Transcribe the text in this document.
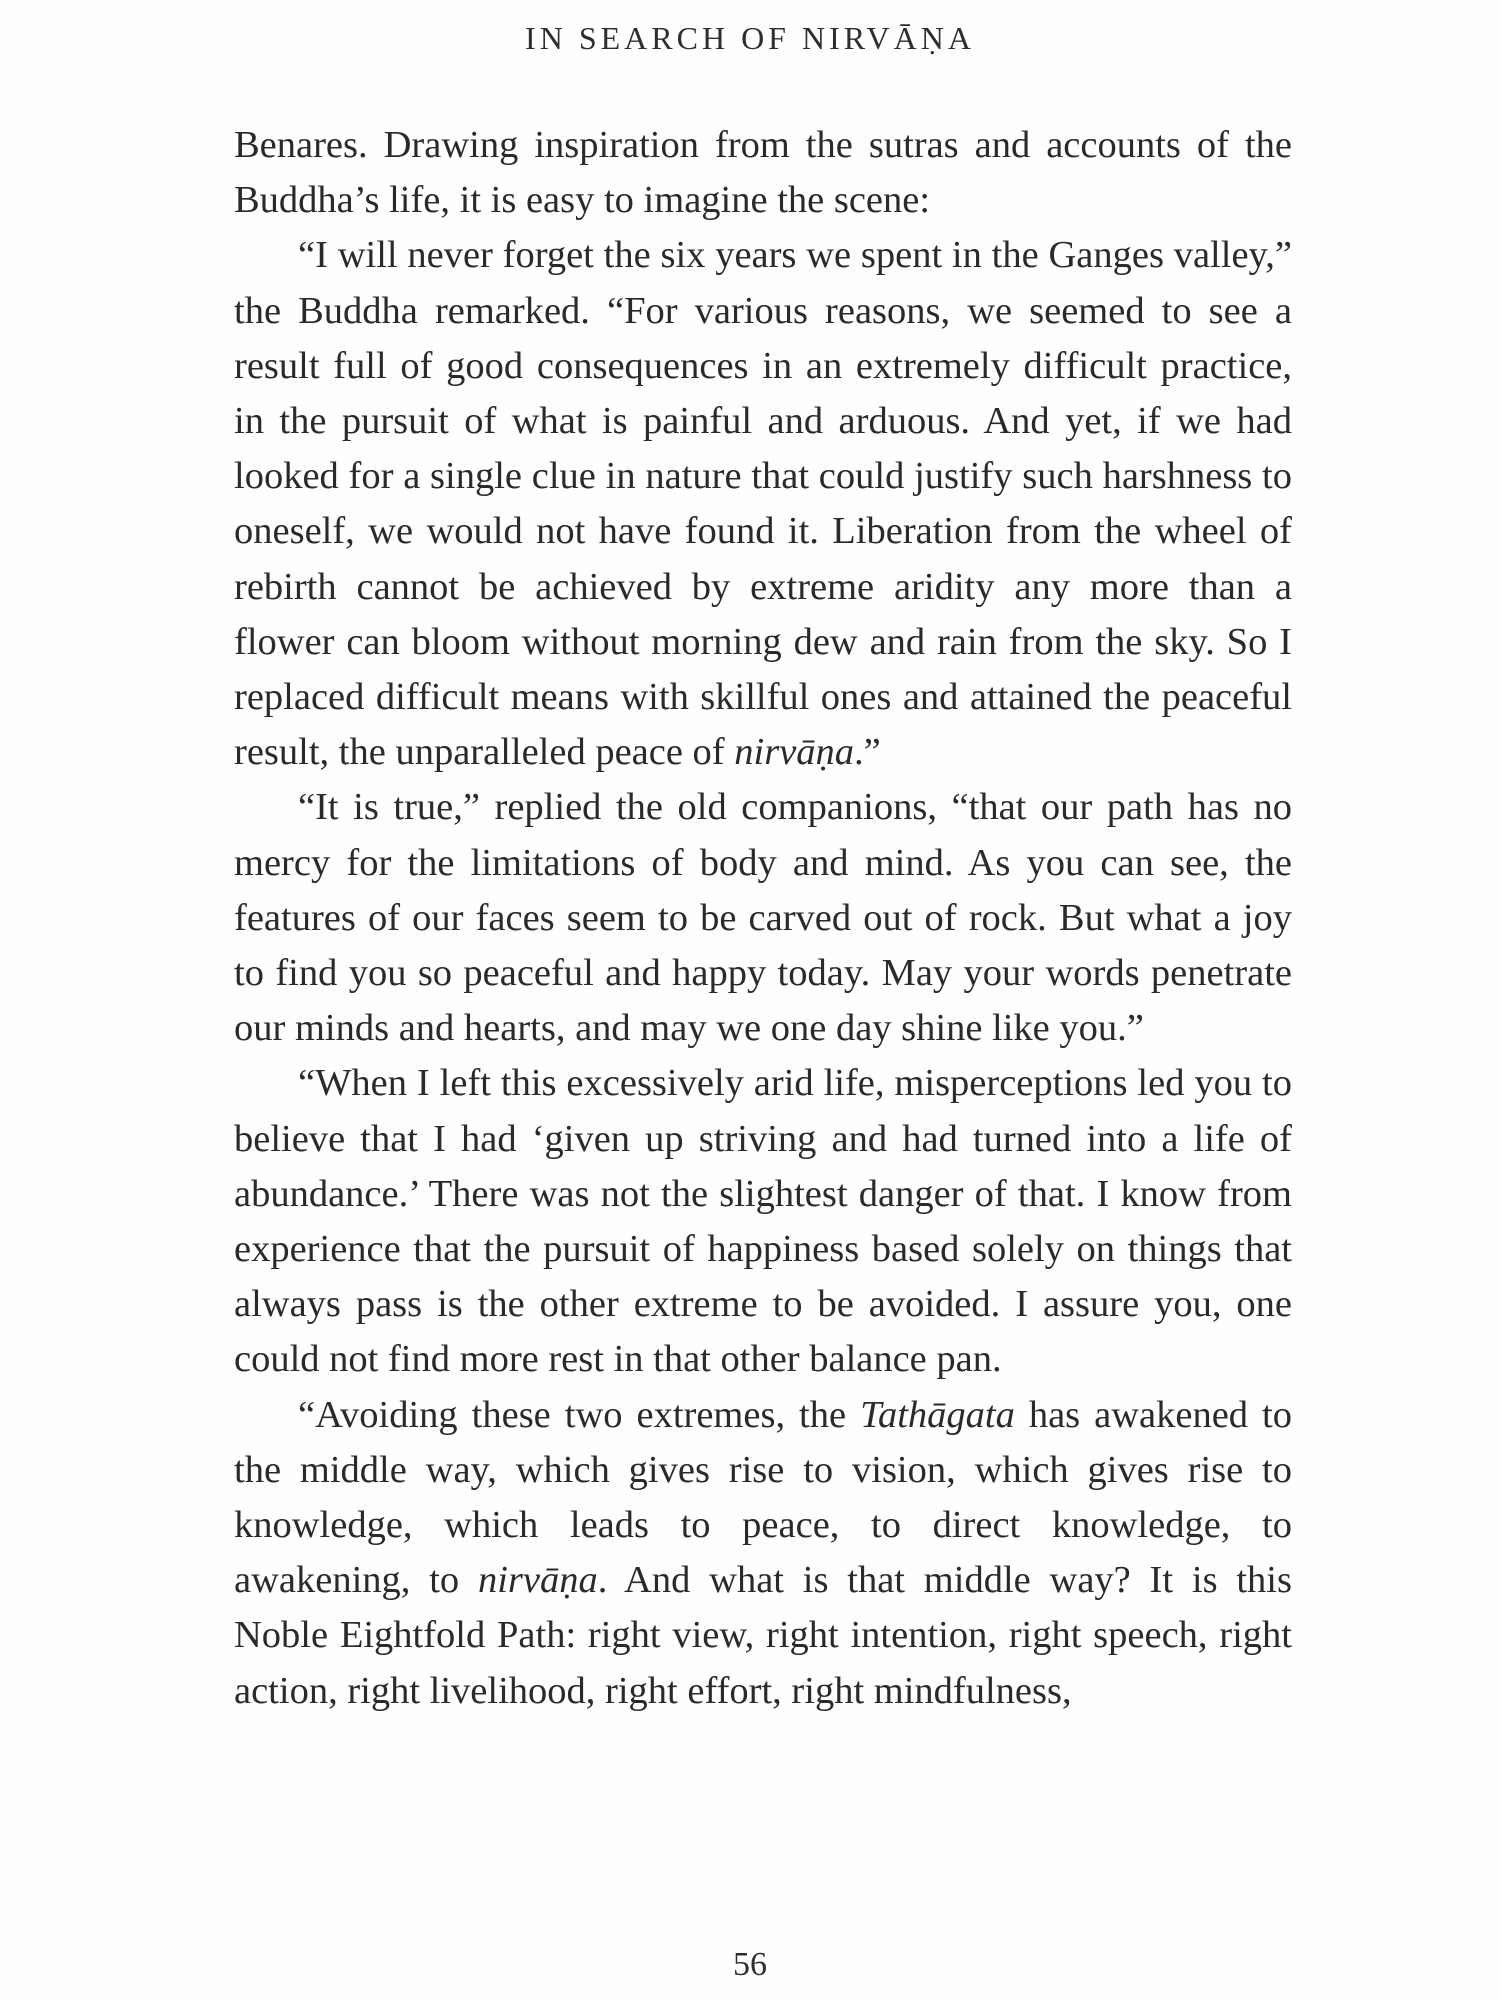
IN SEARCH OF NIRVĀṆA

Benares. Drawing inspiration from the sutras and accounts of the Buddha’s life, it is easy to imagine the scene:

“I will never forget the six years we spent in the Ganges valley,” the Buddha remarked. “For various reasons, we seemed to see a result full of good consequences in an extremely difficult practice, in the pursuit of what is painful and arduous. And yet, if we had looked for a single clue in nature that could justify such harshness to oneself, we would not have found it. Liberation from the wheel of rebirth cannot be achieved by extreme aridity any more than a flower can bloom without morning dew and rain from the sky. So I replaced difficult means with skillful ones and attained the peaceful result, the unparalleled peace of nirvāṇa.”

“It is true,” replied the old companions, “that our path has no mercy for the limitations of body and mind. As you can see, the features of our faces seem to be carved out of rock. But what a joy to find you so peaceful and happy today. May your words penetrate our minds and hearts, and may we one day shine like you.”

“When I left this excessively arid life, misperceptions led you to believe that I had ‘given up striving and had turned into a life of abundance.’ There was not the slightest danger of that. I know from experience that the pursuit of happiness based solely on things that always pass is the other extreme to be avoided. I assure you, one could not find more rest in that other balance pan.

“Avoiding these two extremes, the Tathāgata has awakened to the middle way, which gives rise to vision, which gives rise to knowledge, which leads to peace, to direct knowledge, to awakening, to nirvāṇa. And what is that middle way? It is this Noble Eightfold Path: right view, right intention, right speech, right action, right livelihood, right effort, right mindfulness,

56
